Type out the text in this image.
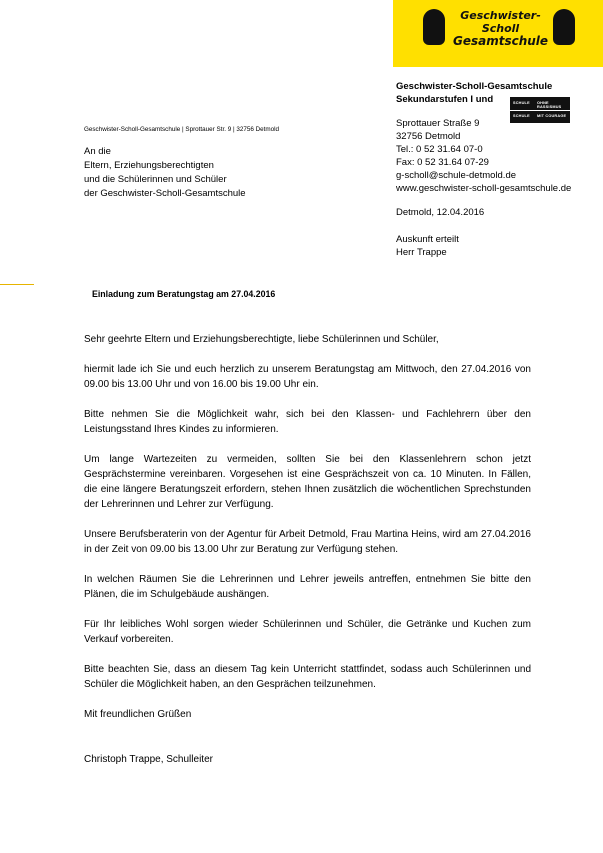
Geschwister-Scholl
Gesamtschule
Geschwister-Scholl-Gesamtschule
Sekundarstufen I und	SCHULE OHNE RASSISMUS
SCHULE MIT COURAGE
Sprottauer Straße 9
32756 Detmold
Tel.: 0 52 31.64 07-0
Fax: 0 52 31.64 07-29
g-scholl@schule-detmold.de
www.geschwister-scholl-gesamtschule.de
Detmold, 12.04.2016
Auskunft erteilt
Herr Trappe
Geschwister-Scholl-Gesamtschule | Sprottauer Str. 9 | 32756 Detmold
An die
Eltern, Erziehungsberechtigten
und die Schülerinnen und Schüler
der Geschwister-Scholl-Gesamtschule
Einladung zum Beratungstag am 27.04.2016

Sehr geehrte Eltern und Erziehungsberechtigte, liebe Schülerinnen und Schüler,

hiermit lade ich Sie und euch herzlich zu unserem Beratungstag am Mittwoch, den 27.04.2016 von 09.00 bis 13.00 Uhr und von 16.00 bis 19.00 Uhr ein.

Bitte nehmen Sie die Möglichkeit wahr, sich bei den Klassen- und Fachlehrern über den Leistungsstand Ihres Kindes zu informieren.

Um lange Wartezeiten zu vermeiden, sollten Sie bei den Klassenlehrern schon jetzt Gesprächstermine vereinbaren. Vorgesehen ist eine Gesprächszeit von ca. 10 Minuten. In Fällen, die eine längere Beratungszeit erfordern, stehen Ihnen zusätzlich die wöchentlichen Sprechstunden der Lehrerinnen und Lehrer zur Verfügung.

Unsere Berufsberaterin von der Agentur für Arbeit Detmold, Frau Martina Heins, wird am 27.04.2016 in der Zeit von 09.00 bis 13.00 Uhr zur Beratung zur Verfügung stehen.

In welchen Räumen Sie die Lehrerinnen und Lehrer jeweils antreffen, entnehmen Sie bitte den Plänen, die im Schulgebäude aushängen.

Für Ihr leibliches Wohl sorgen wieder Schülerinnen und Schüler, die Getränke und Kuchen zum Verkauf vorbereiten.

Bitte beachten Sie, dass an diesem Tag kein Unterricht stattfindet, sodass auch Schülerinnen und Schüler die Möglichkeit haben, an den Gesprächen teilzunehmen.

Mit freundlichen Grüßen

Christoph Trappe, Schulleiter
